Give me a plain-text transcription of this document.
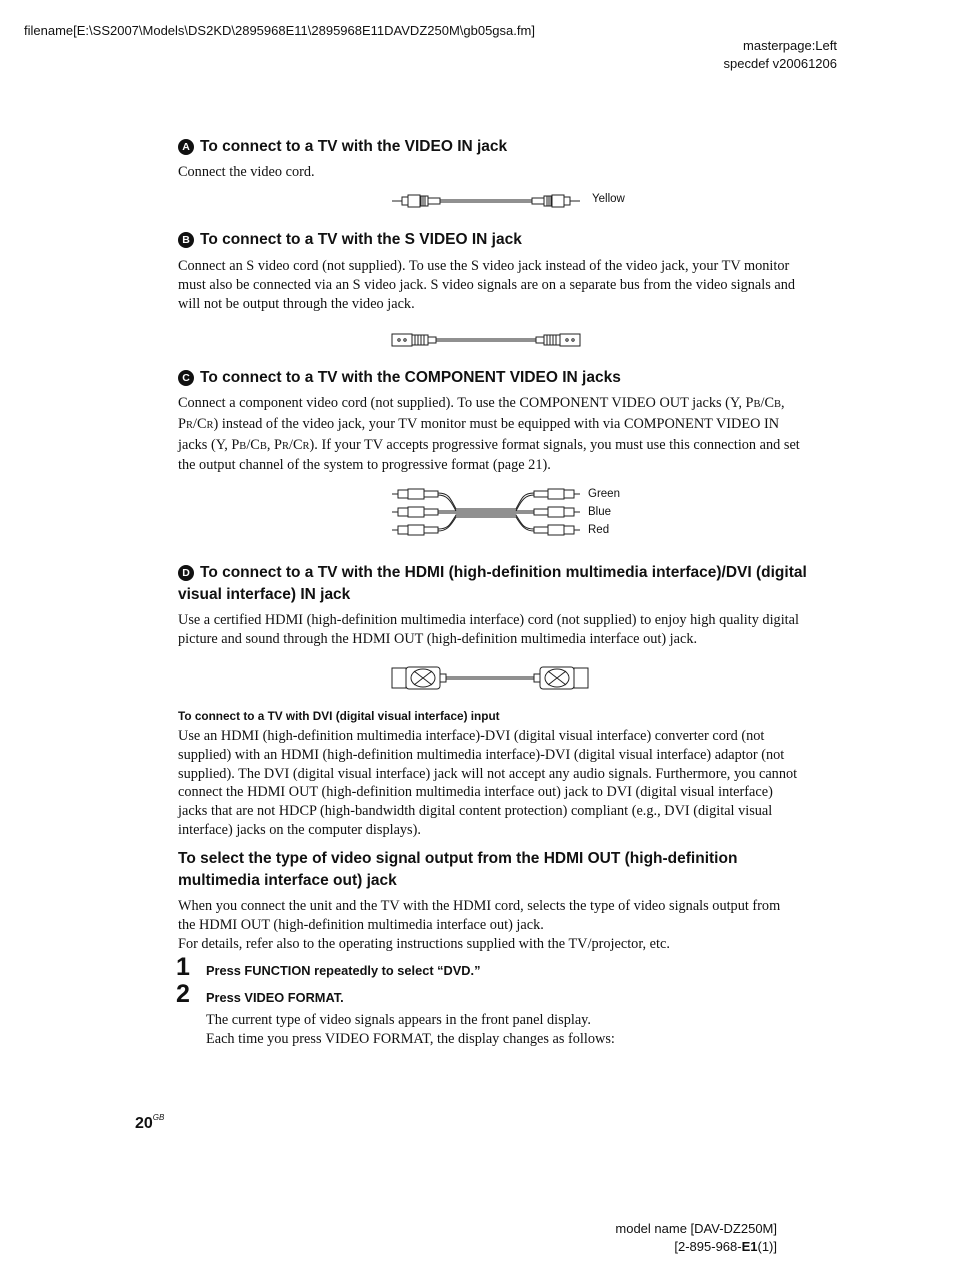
filename[E:\SS2007\Models\DS2KD\2895968E11\2895968E11DAVDZ250M\gb05gsa.fm]
masterpage:Left
specdef v20061206
A To connect to a TV with the VIDEO IN jack
Connect the video cord.
Yellow
B To connect to a TV with the S VIDEO IN jack
Connect an S video cord (not supplied). To use the S video jack instead of the video jack, your TV monitor must also be connected via an S video jack. S video signals are on a separate bus from the video signals and will not be output through the video jack.
C To connect to a TV with the COMPONENT VIDEO IN jacks
Connect a component video cord (not supplied). To use the COMPONENT VIDEO OUT jacks (Y, PB/CB, PR/CR) instead of the video jack, your TV monitor must be equipped with via COMPONENT VIDEO IN jacks (Y, PB/CB, PR/CR). If your TV accepts progressive format signals, you must use this connection and set the output channel of the system to progressive format (page 21).
Green
Blue
Red
D To connect to a TV with the HDMI (high-definition multimedia interface)/DVI (digital visual interface) IN jack
Use a certified HDMI (high-definition multimedia interface) cord (not supplied) to enjoy high quality digital picture and sound through the HDMI OUT (high-definition multimedia interface out) jack.
To connect to a TV with DVI (digital visual interface) input
Use an HDMI (high-definition multimedia interface)-DVI (digital visual interface) converter cord (not supplied) with an HDMI (high-definition multimedia interface)-DVI (digital visual interface) adaptor (not supplied). The DVI (digital visual interface) jack will not accept any audio signals. Furthermore, you cannot connect the HDMI OUT (high-definition multimedia interface out) jack to DVI (digital visual interface) jacks that are not HDCP (high-bandwidth digital content protection) compliant (e.g., DVI (digital visual interface) jacks on the computer displays).
To select the type of video signal output from the HDMI OUT (high-definition multimedia interface out) jack

When you connect the unit and the TV with the HDMI cord, selects the type of video signals output from the HDMI OUT (high-definition multimedia interface out) jack.

For details, refer also to the operating instructions supplied with the TV/projector, etc.

1 Press FUNCTION repeatedly to select “DVD.”
2 Press VIDEO FORMAT.

The current type of video signals appears in the front panel display.

Each time you press VIDEO FORMAT, the display changes as follows:

$20^{GB}$
model name [DAV-DZ250M]
[2-895-968-E1(1)]
